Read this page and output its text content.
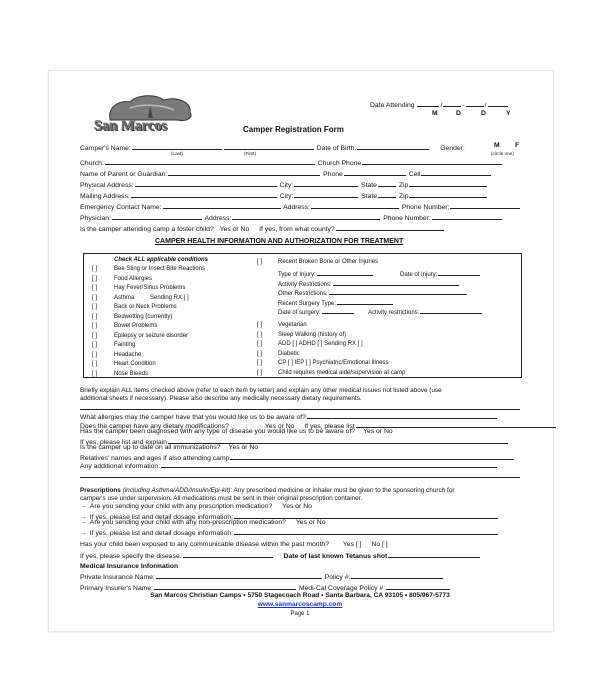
Date Attending	/	-	/
M	D	D	Y
San Marcos	Camper Registration Form
Camper's Name:	Date of Birth:	Gender:	M F
(Last)	(First)	(circle one)
Church:	Church Phone
Name of Parent or Guardian:	Phone	Cell
Physical Address:	City:	State	Zip
Mailing Address:	City:	State	Zip
Emergency Contact Name:	Address:	Phone Number:
Physician:	Address:	Phone Number:
Is the camper attending camp a foster child? Yes or No If yes, from what county?
CAMPER HEALTH INFORMATION AND AUTHORIZATION FOR TREATMENT
Check ALL applicable conditions
[ ]	Bee Sting or Insect Bite Reactions
[ ]	Food Allergies
[ ]	Hay Fever/Sinus Problems
[ ]	Asthma	Sending RX [ ]
[ ]	Back or Neck Problems
[ ]	Bedwetting (currently)
[ ]	Bowel Problems
[ ]	Epilepsy or seizure disorder
[ ]	Fainting
[ ]	Headache
[ ]	Heart Condition
[ ]	Nose Bleeds
[ ]	Recent Broken Bone or Other Injuries
Type of Injury:	Date of Injury:
Activity Restrictions:
Other Restrictions:
Recent Surgery Type:
Date of surgery:	Activity restrictions:
[ ]	Vegetarian
[ ]	Sleep Walking (history of)
[ ]	ADD [ ] ADHD [ ] Sending RX [ ]
[ ]	Diabetic
[ ]	CP [ ] IEP [ ] Psychiatric/Emotional Illness
[ ]	Child requires medical aide/supervision at camp
Briefly explain ALL items checked above (refer to each item by letter) and explain any other medical issues not listed above (use
additional sheets if necessary). Please also describe any medically necessary dietary requirements.
What allergies may the camper have that you would like us to be aware of?
Does the camper have any dietary modifications?	Yes or No If yes, please list
Has the camper been diagnosed with any type of disease you would like us to be aware of? Yes or No
If yes, please list and explain
Is the camper up to date on all immunizations? Yes or No
Relatives' names and ages if also attending camp
Any additional information:
Prescriptions (including Asthma/ADD/Insulin/Epi-kit): Any prescribed medicine or inhaler must be given to the sponsoring church for
camper's use under supervision. All medications must be sent in their original prescription container.
→ Are you sending your child with any prescription medication? Yes or No
→ If yes, please list and detail dosage information:
→ Are you sending your child with any non-prescription medication? Yes or No
→ If yes, please list and detail dosage information:
Has your child been exposed to any communicable disease within the past month? Yes [ ] No [ ]
If yes, please specify the disease.	Date of last known Tetanus shot
Medical Insurance Information
Private Insurance Name:	Policy #:
Primary Insurer's Name:	Medi-Cal Coverage Policy #:
San Marcos Christian Camps • 5750 Stagecoach Road • Santa Barbara, CA 93105 • 805/967-5773
www.sanmarcoscamp.com
Page 1
